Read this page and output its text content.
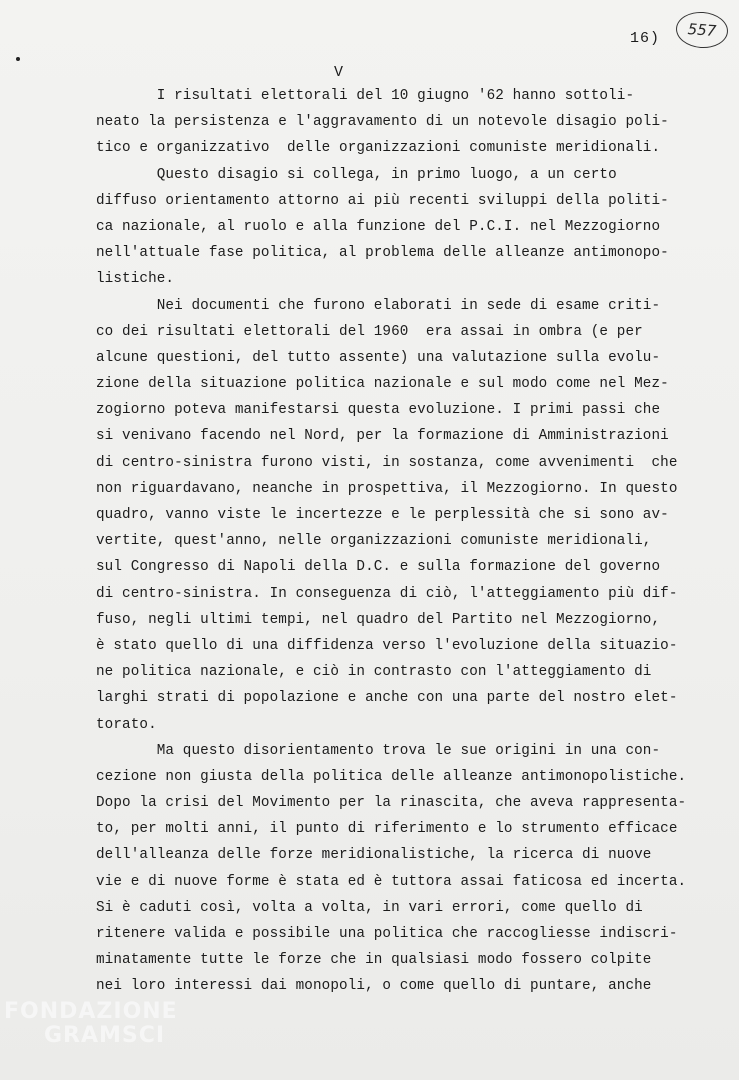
16)	557
V
I risultati elettorali del 10 giugno '62 hanno sottoli-
neato la persistenza e l'aggravamento di un notevole disagio poli-
tico e organizzativo  delle organizzazioni comuniste meridionali.
Questo disagio si collega, in primo luogo, a un certo
diffuso orientamento attorno ai più recenti sviluppi della politi-
ca nazionale, al ruolo e alla funzione del P.C.I. nel Mezzogiorno
nell'attuale fase politica, al problema delle alleanze antimonopo-
listiche.
Nei documenti che furono elaborati in sede di esame criti-
co dei risultati elettorali del 1960  era assai in ombra (e per
alcune questioni, del tutto assente) una valutazione sulla evolu-
zione della situazione politica nazionale e sul modo come nel Mez-
zogiorno poteva manifestarsi questa evoluzione. I primi passi che
si venivano facendo nel Nord, per la formazione di Amministrazioni
di centro-sinistra furono visti, in sostanza, come avvenimenti  che
non riguardavano, neanche in prospettiva, il Mezzogiorno. In questo
quadro, vanno viste le incertezze e le perplessità che si sono av-
vertite, quest'anno, nelle organizzazioni comuniste meridionali,
sul Congresso di Napoli della D.C. e sulla formazione del governo
di centro-sinistra. In conseguenza di ciò, l'atteggiamento più dif-
fuso, negli ultimi tempi, nel quadro del Partito nel Mezzogiorno,
è stato quello di una diffidenza verso l'evoluzione della situazio-
ne politica nazionale, e ciò in contrasto con l'atteggiamento di
larghi strati di popolazione e anche con una parte del nostro elet-
torato.
Ma questo disorientamento trova le sue origini in una con-
cezione non giusta della politica delle alleanze antimonopolistiche.
Dopo la crisi del Movimento per la rinascita, che aveva rappresenta-
to, per molti anni, il punto di riferimento e lo strumento efficace
dell'alleanza delle forze meridionalistiche, la ricerca di nuove
vie e di nuove forme è stata ed è tuttora assai faticosa ed incerta.
Si è caduti così, volta a volta, in vari errori, come quello di
ritenere valida e possibile una politica che raccogliesse indiscri-
minatamente tutte le forze che in qualsiasi modo fossero colpite
nei loro interessi dai monopoli, o come quello di puntare, anche
FONDAZIONE
GRAMSCI
